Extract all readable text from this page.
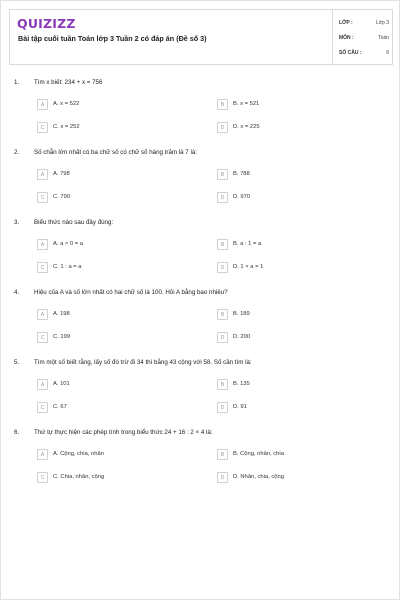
QUIZIZZ
Bài tập cuối tuần Toán lớp 3 Tuần 2 có đáp án (Đề số 3)
LỚP :	Lớp 3
MÔN :	Toán
SỐ CÂU :	6
1. Tìm x biết: 234 + x = 756
A	A. x = 522	B	B. x = 521
C	C. x = 252	D	D. x = 225
2. Số chẵn lớn nhất có ba chữ số có chữ số hàng trăm là 7 là:
A	A. 798	B	B. 788
C	C. 790	D	D. 970
3. Biểu thức nào sau đây đúng:
A	A. a × 0 = a	B	B. a : 1 = a
C	C. 1 : a = a	D	D. 1 × a = 1
4. Hiệu của A và số lớn nhất có hai chữ số là 100. Hỏi A bằng bao nhiêu?
A	A. 198	B	B. 189
C	C. 199	D	D. 200
5. Tìm một số biết rằng, lấy số đó trừ đi 34 thì bằng 43 cộng với 58. Số cần tìm là:
A	A. 101	B	B. 135
C	C. 67	D	D. 91
6. Thứ tự thực hiện các phép tính trong biểu thức 24 + 16 : 2 × 4 là:
A	A. Cộng, chia, nhân	B	B. Cộng, nhân, chia
C	C. Chia, nhân, cộng	D	D. Nhân, chia, cộng
